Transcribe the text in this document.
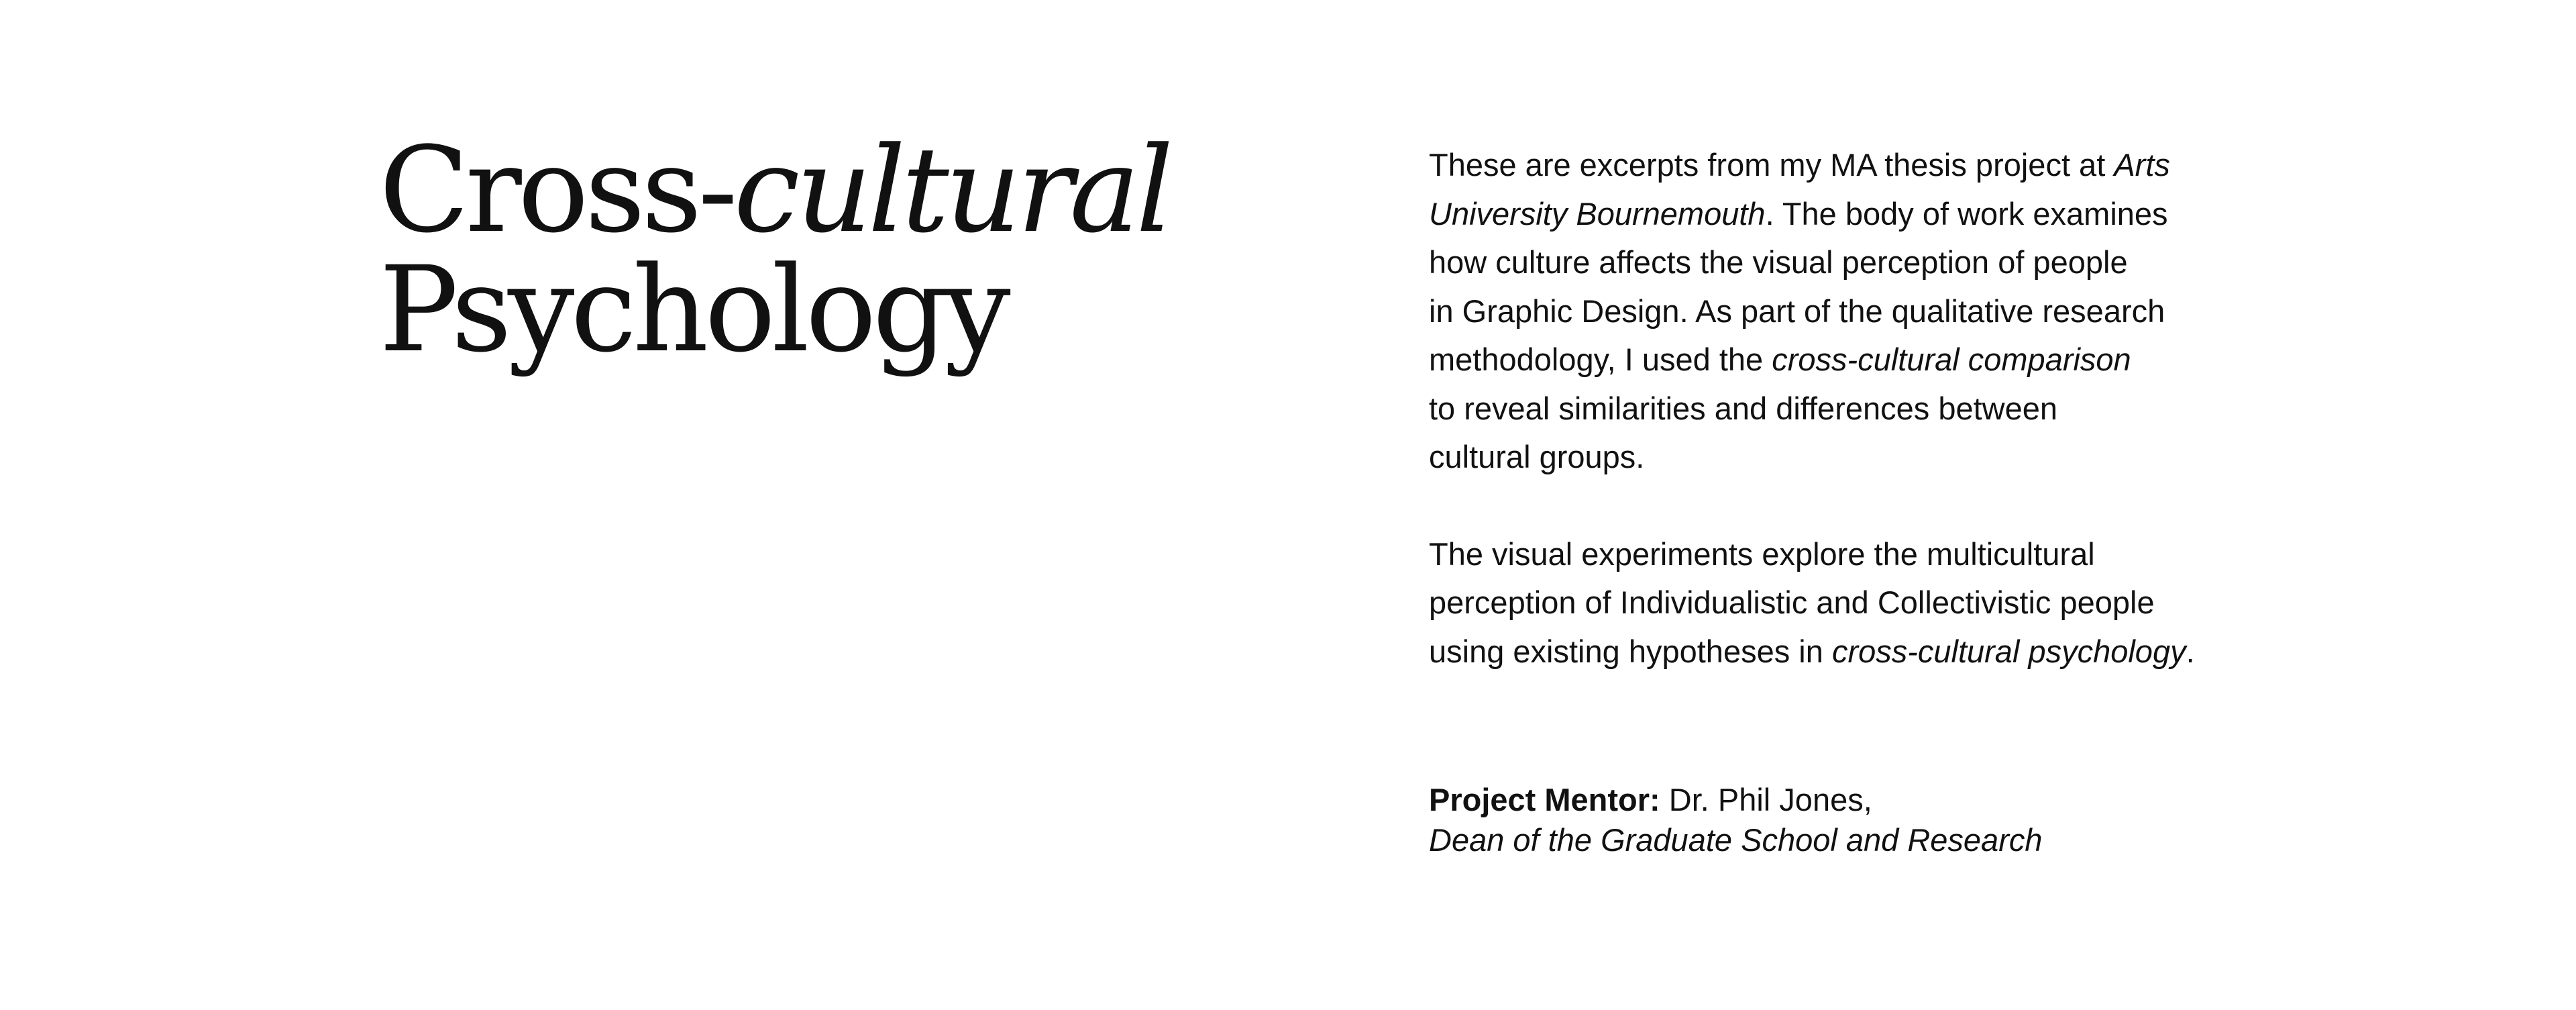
Cross-cultural
Psychology

These are excerpts from my MA thesis project at Arts
University Bournemouth. The body of work examines
how culture affects the visual perception of people
in Graphic Design. As part of the qualitative research
methodology, I used the cross-cultural comparison
to reveal similarities and differences between
cultural groups.

The visual experiments explore the multicultural
perception of Individualistic and Collectivistic people
using existing hypotheses in cross-cultural psychology.

Project Mentor: Dr. Phil Jones,
Dean of the Graduate School and Research
